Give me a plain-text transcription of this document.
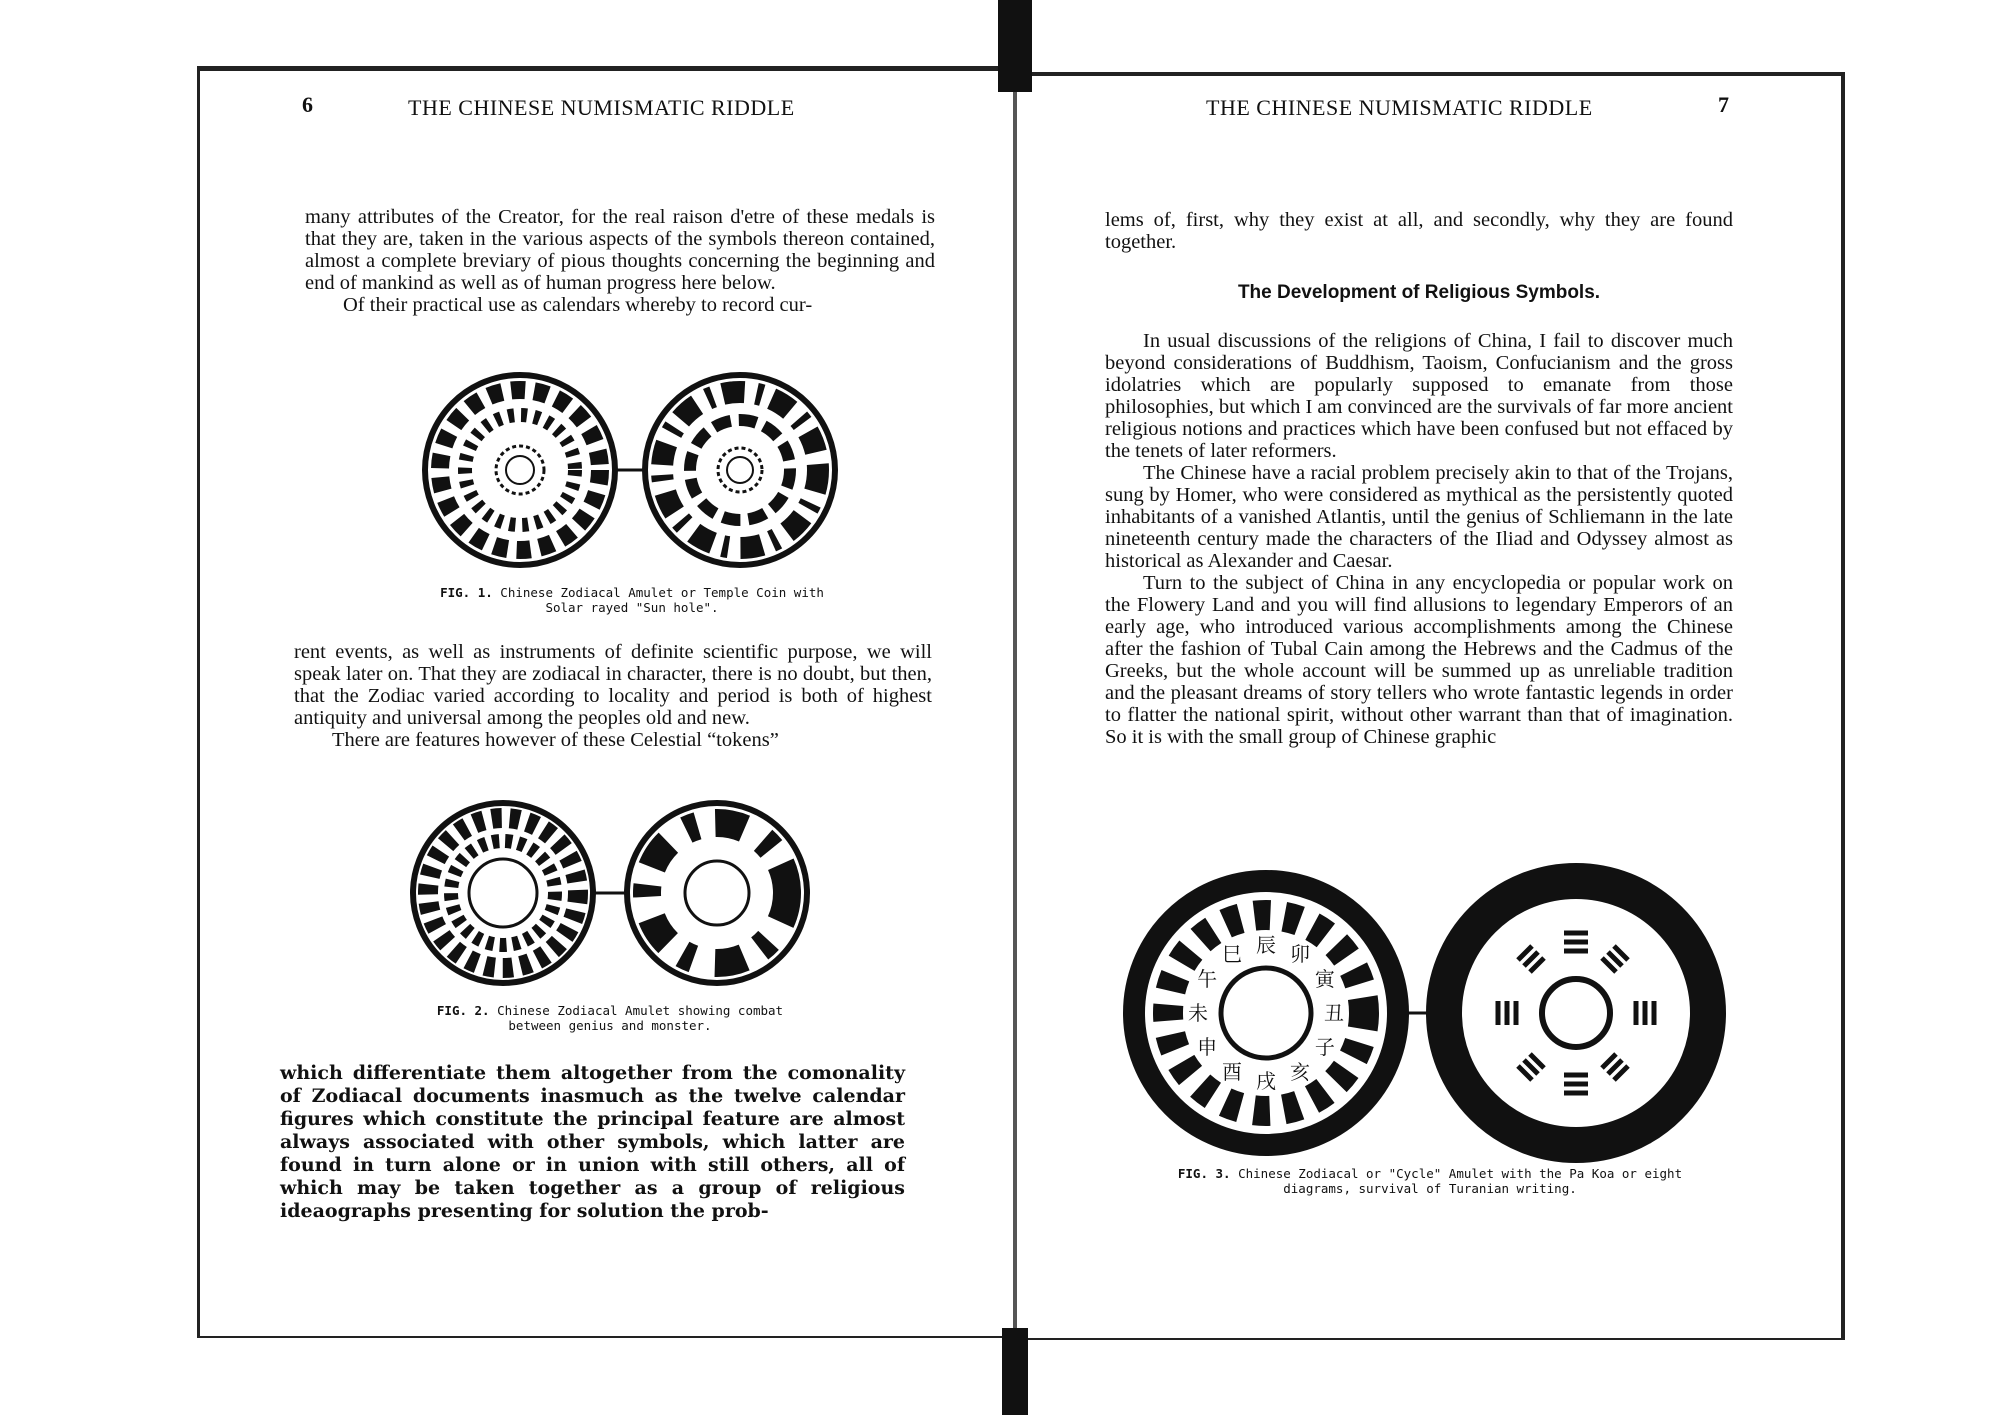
6	THE CHINESE NUMISMATIC RIDDLE

many attributes of the Creator, for the real raison d'etre of these medals is that they are, taken in the various aspects of the symbols thereon contained, almost a complete breviary of pious thoughts concerning the beginning and end of mankind as well as of human progress here below.

Of their practical use as calendars whereby to record cur-

FIG. 1. Chinese Zodiacal Amulet or Temple Coin with Solar rayed "Sun hole".

rent events, as well as instruments of definite scientific purpose, we will speak later on. That they are zodiacal in character, there is no doubt, but then, that the Zodiac varied according to locality and period is both of highest antiquity and universal among the peoples old and new.

There are features however of these Celestial “tokens”

FIG. 2. Chinese Zodiacal Amulet showing combat between genius and monster.

which differentiate them altogether from the comonality of Zodiacal documents inasmuch as the twelve calendar figures which constitute the principal feature are almost always associated with other symbols, which latter are found in turn alone or in union with still others, all of which may be taken together as a group of religious ideaographs presenting for solution the prob-

THE CHINESE NUMISMATIC RIDDLE	7

lems of, first, why they exist at all, and secondly, why they are found together.

The Development of Religious Symbols.

In usual discussions of the religions of China, I fail to discover much beyond considerations of Buddhism, Taoism, Confucianism and the gross idolatries which are popularly supposed to emanate from those philosophies, but which I am convinced are the survivals of far more ancient religious notions and practices which have been confused but not effaced by the tenets of later reformers.

The Chinese have a racial problem precisely akin to that of the Trojans, sung by Homer, who were considered as mythical as the persistently quoted inhabitants of a vanished Atlantis, until the genius of Schliemann in the late nineteenth century made the characters of the Iliad and Odyssey almost as historical as Alexander and Caesar.

Turn to the subject of China in any encyclopedia or popular work on the Flowery Land and you will find allusions to legendary Emperors of an early age, who introduced various accomplishments among the Chinese after the fashion of Tubal Cain among the Hebrews and the Cadmus of the Greeks, but the whole account will be summed up as unreliable tradition and the pleasant dreams of story tellers who wrote fantastic legends in order to flatter the national spirit, without other warrant than that of imagination. So it is with the small group of Chinese graphic

辰 卯
寅
丑
子
亥
戌
酉
申
未
午
巳
FIG. 3. Chinese Zodiacal or "Cycle" Amulet with the Pa Koa or eight diagrams, survival of Turanian writing.
